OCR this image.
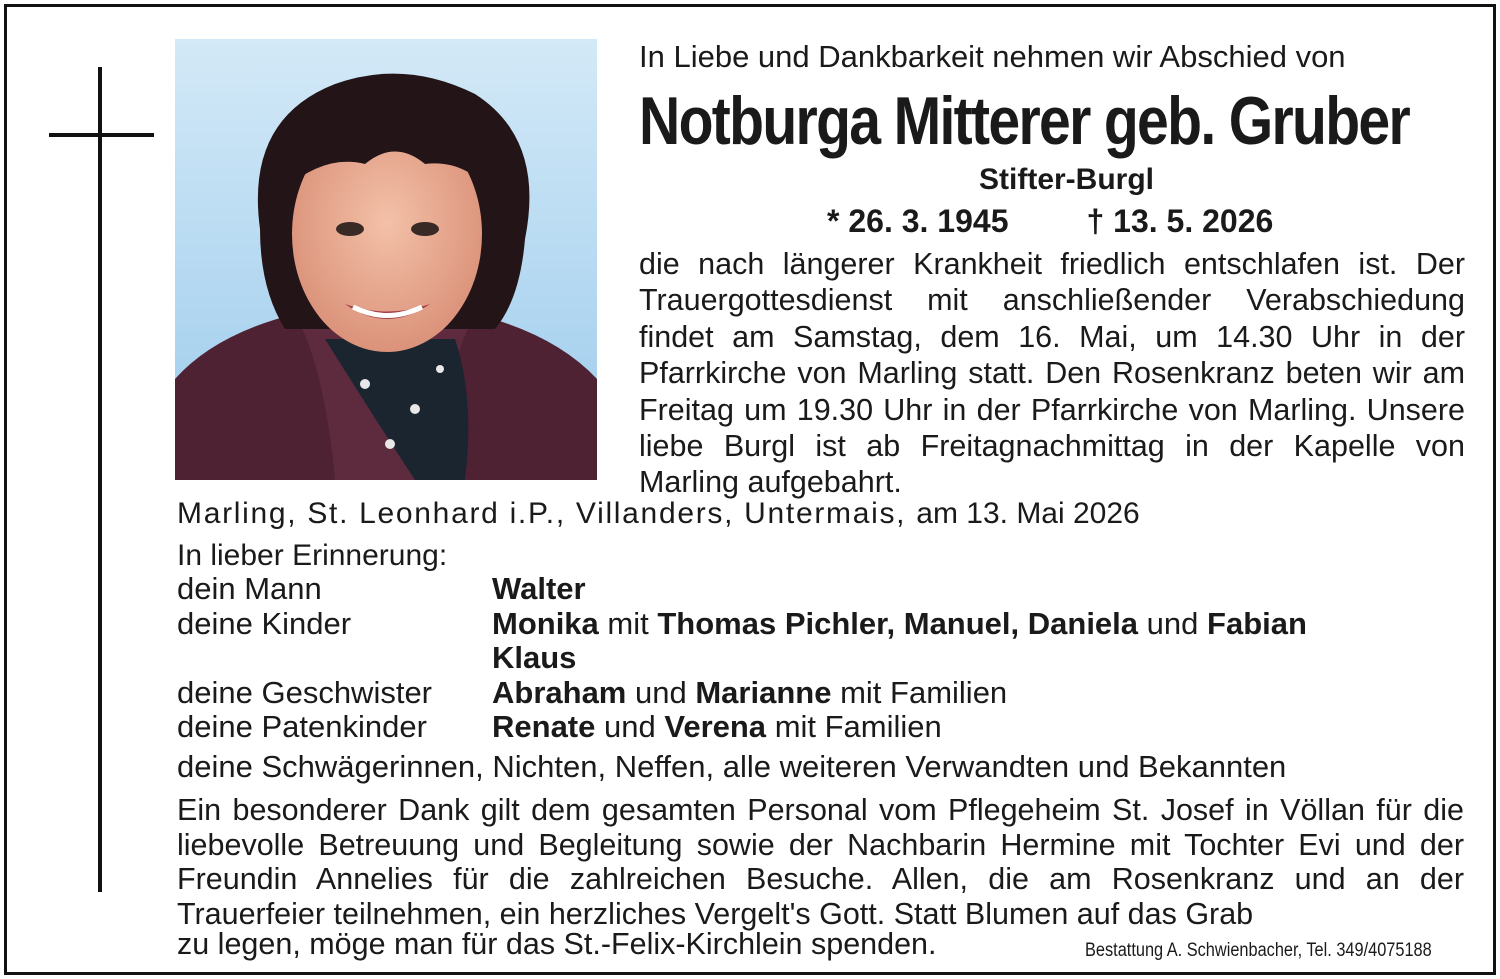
In Liebe und Dankbarkeit nehmen wir Abschied von
Notburga Mitterer geb. Gruber
Stifter-Burgl
* 26. 3. 1945 † 13. 5. 2026

die nach längerer Krankheit friedlich entschlafen ist. Der Trauergottesdienst mit anschließender Verabschiedung findet am Samstag, dem 16. Mai, um 14.30 Uhr in der Pfarrkirche von Marling statt. Den Rosenkranz beten wir am Freitag um 19.30 Uhr in der Pfarrkirche von Marling. Unsere liebe Burgl ist ab Freitagnachmittag in der Kapelle von Marling aufgebahrt.

Marling, St. Leonhard i.P., Villanders, Untermais, am 13. Mai 2026
In lieber Erinnerung:
dein Mann	Walter
deine Kinder	Monika mit Thomas Pichler, Manuel, Daniela und Fabian
Klaus
deine Geschwister	Abraham und Marianne mit Familien
deine Patenkinder	Renate und Verena mit Familien
deine Schwägerinnen, Nichten, Neffen, alle weiteren Verwandten und Bekannten

Ein besonderer Dank gilt dem gesamten Personal vom Pflegeheim St. Josef in Völlan für die liebevolle Betreuung und Begleitung sowie der Nachbarin Hermine mit Tochter Evi und der Freundin Annelies für die zahlreichen Besuche. Allen, die am Rosenkranz und an der Trauerfeier teilnehmen, ein herzliches Vergelt's Gott. Statt Blumen auf das Grab

zu legen, möge man für das St.-Felix-Kirchlein spenden.	Bestattung A. Schwienbacher, Tel. 349/4075188
